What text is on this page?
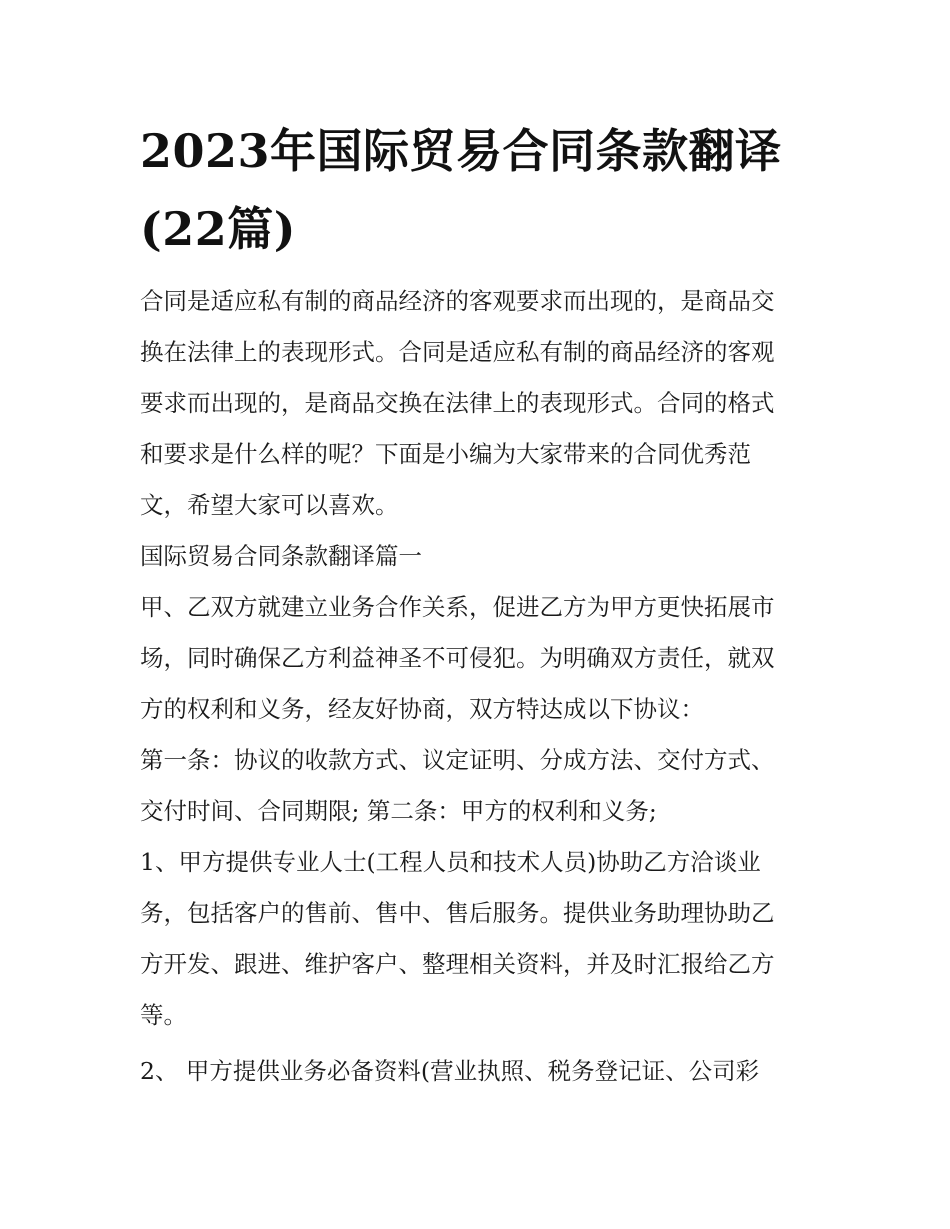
2023年国际贸易合同条款翻译
(22篇)
合同是适应私有制的商品经济的客观要求而出现的，是商品交
换在法律上的表现形式。合同是适应私有制的商品经济的客观
要求而出现的，是商品交换在法律上的表现形式。合同的格式
和要求是什么样的呢？下面是小编为大家带来的合同优秀范
文，希望大家可以喜欢。
国际贸易合同条款翻译篇一
甲、乙双方就建立业务合作关系，促进乙方为甲方更快拓展市
场，同时确保乙方利益神圣不可侵犯。为明确双方责任，就双
方的权利和义务，经友好协商，双方特达成以下协议：
第一条：协议的收款方式、议定证明、分成方法、交付方式、
交付时间、合同期限; 第二条：甲方的权利和义务;
1、甲方提供专业人士(工程人员和技术人员)协助乙方洽谈业
务，包括客户的售前、售中、售后服务。提供业务助理协助乙
方开发、跟进、维护客户、整理相关资料，并及时汇报给乙方
等。
2、 甲方提供业务必备资料(营业执照、税务登记证、公司彩
